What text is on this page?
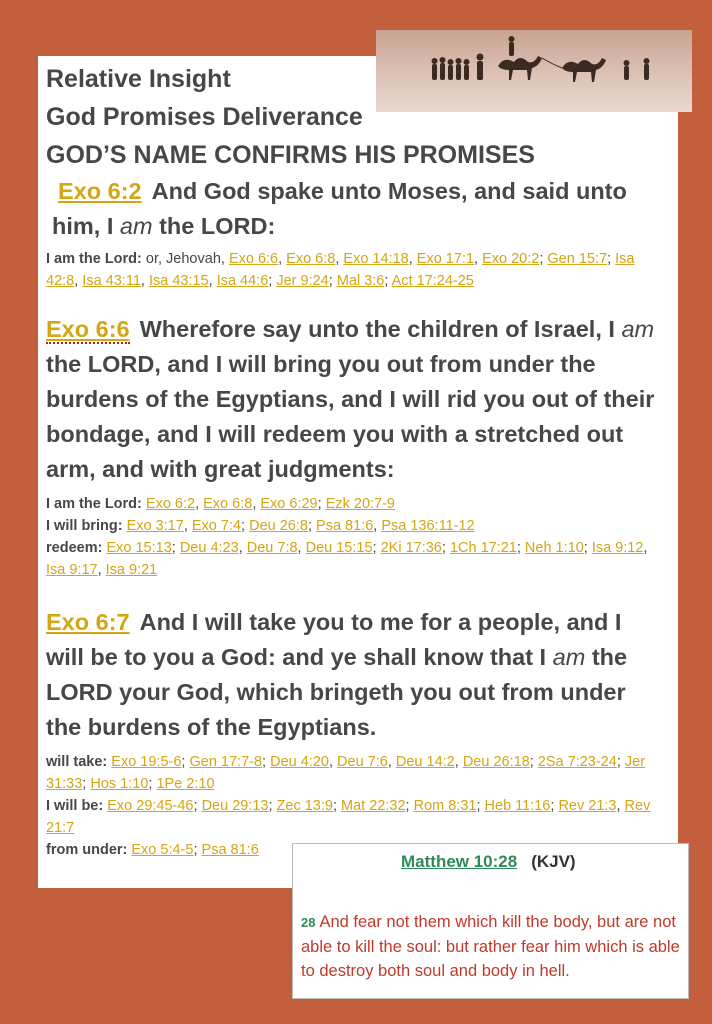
Relative Insight
God Promises Deliverance
GOD’S NAME CONFIRMS HIS PROMISES
Exo 6:2 And God spake unto Moses, and said unto him, I am the LORD:
I am the Lord: or, Jehovah, Exo 6:6, Exo 6:8, Exo 14:18, Exo 17:1, Exo 20:2; Gen 15:7; Isa 42:8, Isa 43:11, Isa 43:15, Isa 44:6; Jer 9:24; Mal 3:6; Act 17:24-25
Exo 6:6 Wherefore say unto the children of Israel, I am the LORD, and I will bring you out from under the burdens of the Egyptians, and I will rid you out of their bondage, and I will redeem you with a stretched out arm, and with great judgments:
I am the Lord: Exo 6:2, Exo 6:8, Exo 6:29; Ezk 20:7-9
I will bring: Exo 3:17, Exo 7:4; Deu 26:8; Psa 81:6, Psa 136:11-12
redeem: Exo 15:13; Deu 4:23, Deu 7:8, Deu 15:15; 2Ki 17:36; 1Ch 17:21; Neh 1:10; Isa 9:12, Isa 9:17, Isa 9:21
Exo 6:7 And I will take you to me for a people, and I will be to you a God: and ye shall know that I am the LORD your God, which bringeth you out from under the burdens of the Egyptians.
will take: Exo 19:5-6; Gen 17:7-8; Deu 4:20, Deu 7:6, Deu 14:2, Deu 26:18; 2Sa 7:23-24; Jer 31:33; Hos 1:10; 1Pe 2:10
I will be: Exo 29:45-46; Deu 29:13; Zec 13:9; Mat 22:32; Rom 8:31; Heb 11:16; Rev 21:3, Rev 21:7
from under: Exo 5:4-5; Psa 81:6
Matthew 10:28 (KJV)
28 And fear not them which kill the body, but are not able to kill the soul: but rather fear him which is able to destroy both soul and body in hell.
